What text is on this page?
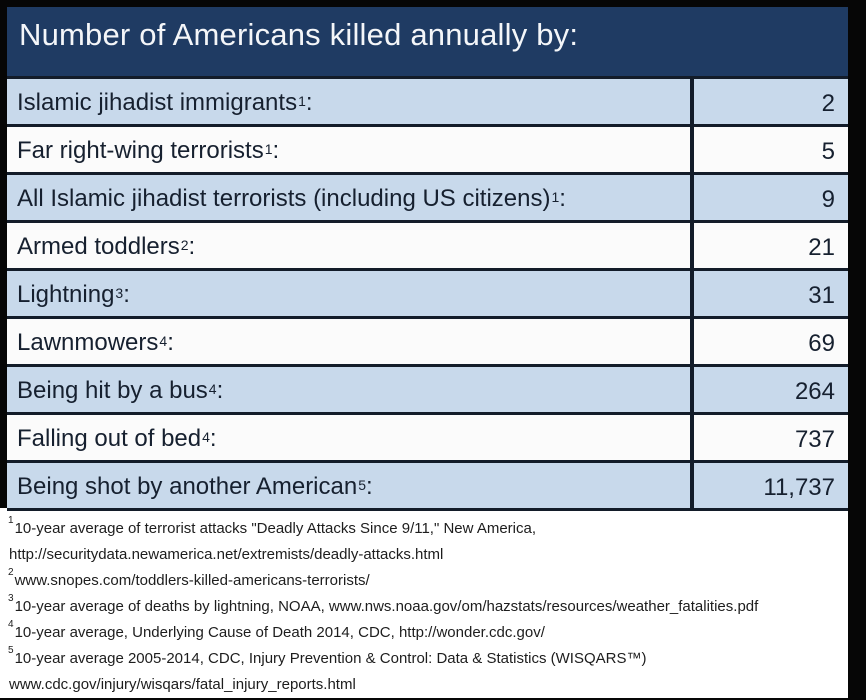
Number of Americans killed annually by:
Islamic jihadist immigrants$^1$ :	2
Far right-wing terrorists$^1$ :	5
All Islamic jihadist terrorists (including US citizens)$^1$ :	9
Armed toddlers$^2$ :	21
Lightning$^3$ :	31
Lawnmowers$^4$ :	69
Being hit by a bus$^4$ :	264
Falling out of bed$^4$ :	737
Being shot by another American$^5$ :	11,737
$^1$10-year average of terrorist attacks "Deadly Attacks Since 9/11," New America,
http://securitydata.newamerica.net/extremists/deadly-attacks.html
$^2$www.snopes.com/toddlers-killed-americans-terrorists/
$^3$10-year average of deaths by lightning, NOAA, www.nws.noaa.gov/om/hazstats/resources/weather_fatalities.pdf
$^4$10-year average, Underlying Cause of Death 2014, CDC, http://wonder.cdc.gov/
$^5$10-year average 2005-2014, CDC, Injury Prevention & Control: Data & Statistics (WISQARS™)
www.cdc.gov/injury/wisqars/fatal_injury_reports.html
